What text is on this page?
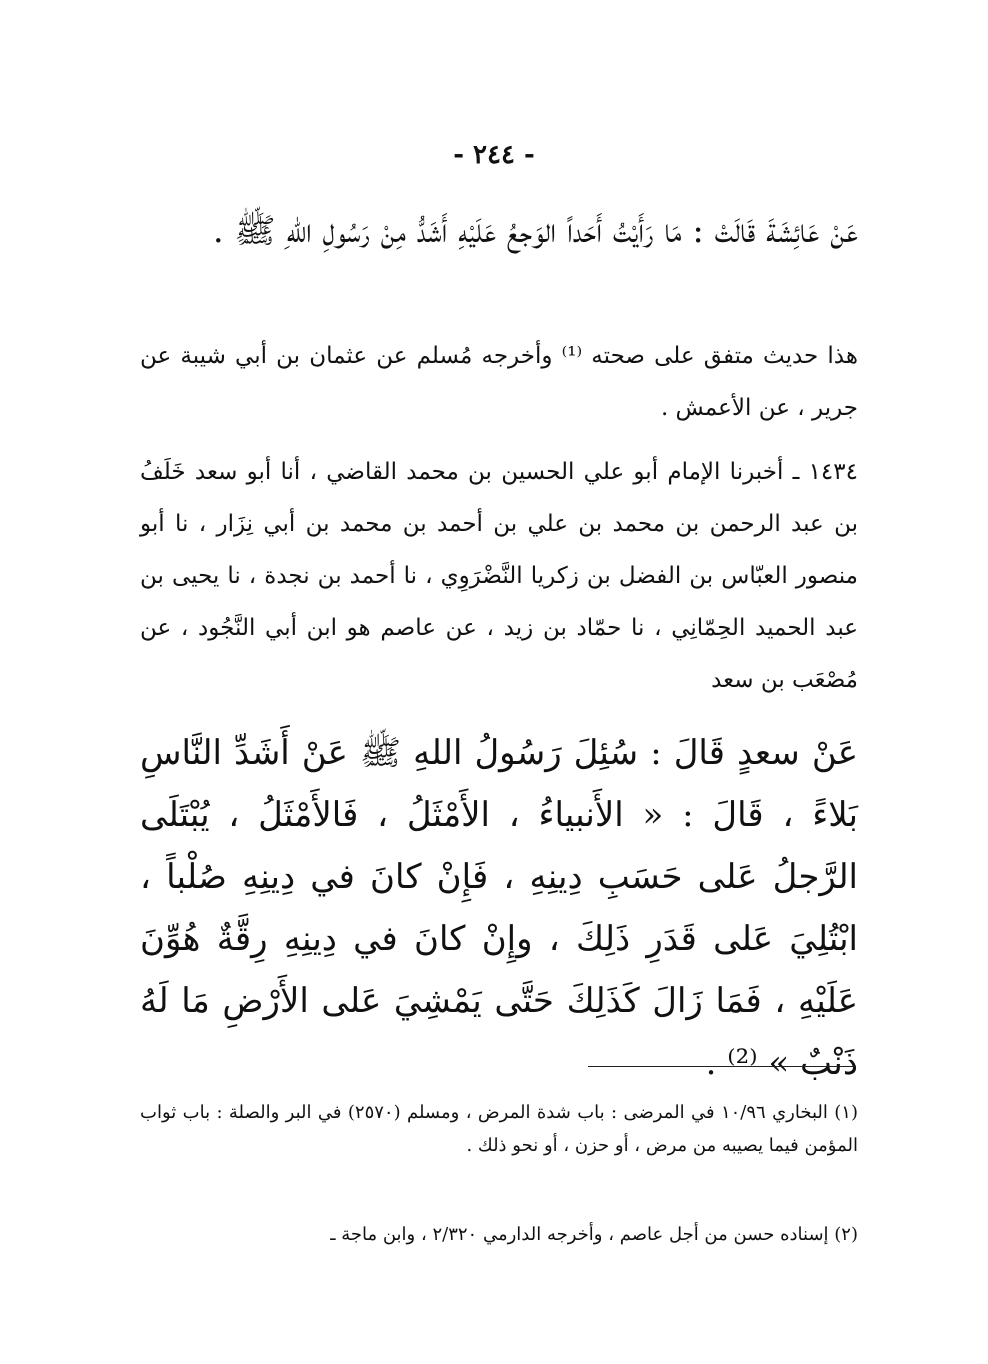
- ٢٤٤ -

عَنْ عَائِشَةَ قَالَتْ : مَا رَأَيْتُ أَحَداً الوَجعُ عَلَيْهِ أَشَدُّ مِنْ رَسُولِ اللهِ ﷺ .

هذا حديث متفق على صحته ⁽¹⁾ وأخرجه مُسلم عن عثمان بن أبي شيبة عن جرير ، عن الأعمش .

١٤٣٤ ـ أخبرنا الإمام أبو علي الحسين بن محمد القاضي ، أنا أبو سعد خَلَفُ بن عبد الرحمن بن محمد بن علي بن أحمد بن محمد بن أبي نِزَار ، نا أبو منصور العبّاس بن الفضل بن زكريا النَّضْرَوِي ، نا أحمد بن نجدة ، نا يحيى بن عبد الحميد الحِمّانِي ، نا حمّاد بن زيد ، عن عاصم هو ابن أبي النَّجُود ، عن مُصْعَب بن سعد

عَنْ سعدٍ قَالَ : سُئِلَ رَسُولُ اللهِ ﷺ عَنْ أَشَدِّ النَّاسِ بَلاءً ، قَالَ : « الأَنبياءُ ، الأَمْثَلُ ، فَالأَمْثَلُ ، يُبْتَلَى الرَّجلُ عَلى حَسَبِ دِينِهِ ، فَإِنْ كانَ في دِينِهِ صُلْباً ، ابْتُلِيَ عَلى قَدَرِ ذَلِكَ ، وإِنْ كانَ في دِينِهِ رِقَّةٌ هُوِّنَ عَلَيْهِ ، فَمَا زَالَ كَذَلِكَ حَتَّى يَمْشِيَ عَلى الأَرْضِ مَا لَهُ ذَنْبٌ » ⁽²⁾ .

(١) البخاري ١٠/٩٦ في المرضى : باب شدة المرض ، ومسلم (٢٥٧٠) في البر والصلة : باب ثواب المؤمن فيما يصيبه من مرض ، أو حزن ، أو نحو ذلك .

(٢) إسناده حسن من أجل عاصم ، وأخرجه الدارمي ٢/٣٢٠ ، وابن ماجة ـ
